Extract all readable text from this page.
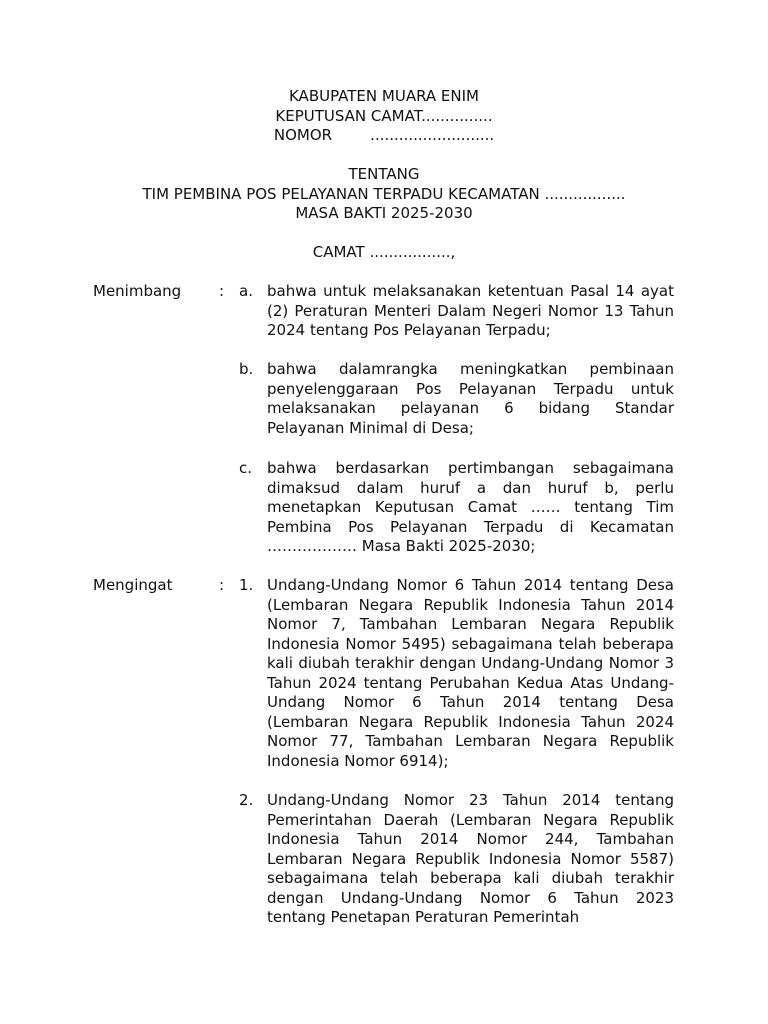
KABUPATEN MUARA ENIM
KEPUTUSAN CAMAT...............
NOMOR        ..........................
TENTANG
TIM PEMBINA POS PELAYANAN TERPADU KECAMATAN .................
MASA BAKTI 2025-2030
CAMAT .................,
Menimbang	: a. bahwa untuk melaksanakan ketentuan Pasal 14 ayat (2) Peraturan Menteri Dalam Negeri Nomor 13 Tahun 2024 tentang Pos Pelayanan Terpadu;
b. bahwa dalamrangka meningkatkan pembinaan penyelenggaraan Pos Pelayanan Terpadu untuk melaksanakan pelayanan 6 bidang Standar Pelayanan Minimal di Desa;
c. bahwa berdasarkan pertimbangan sebagaimana dimaksud dalam huruf a dan huruf b, perlu menetapkan Keputusan Camat …… tentang Tim Pembina Pos Pelayanan Terpadu di Kecamatan ……………… Masa Bakti 2025-2030;
Mengingat	: 1. Undang-Undang Nomor 6 Tahun 2014 tentang Desa (Lembaran Negara Republik Indonesia Tahun 2014 Nomor 7, Tambahan Lembaran Negara Republik Indonesia Nomor 5495) sebagaimana telah beberapa kali diubah terakhir dengan Undang-Undang Nomor 3 Tahun 2024 tentang Perubahan Kedua Atas Undang-Undang Nomor 6 Tahun 2014 tentang Desa (Lembaran Negara Republik Indonesia Tahun 2024 Nomor 77, Tambahan Lembaran Negara Republik Indonesia Nomor 6914);
2. Undang-Undang Nomor 23 Tahun 2014 tentang Pemerintahan Daerah (Lembaran Negara Republik Indonesia Tahun 2014 Nomor 244, Tambahan Lembaran Negara Republik Indonesia Nomor 5587) sebagaimana telah beberapa kali diubah terakhir dengan Undang-Undang Nomor 6 Tahun 2023 tentang Penetapan Peraturan Pemerintah
